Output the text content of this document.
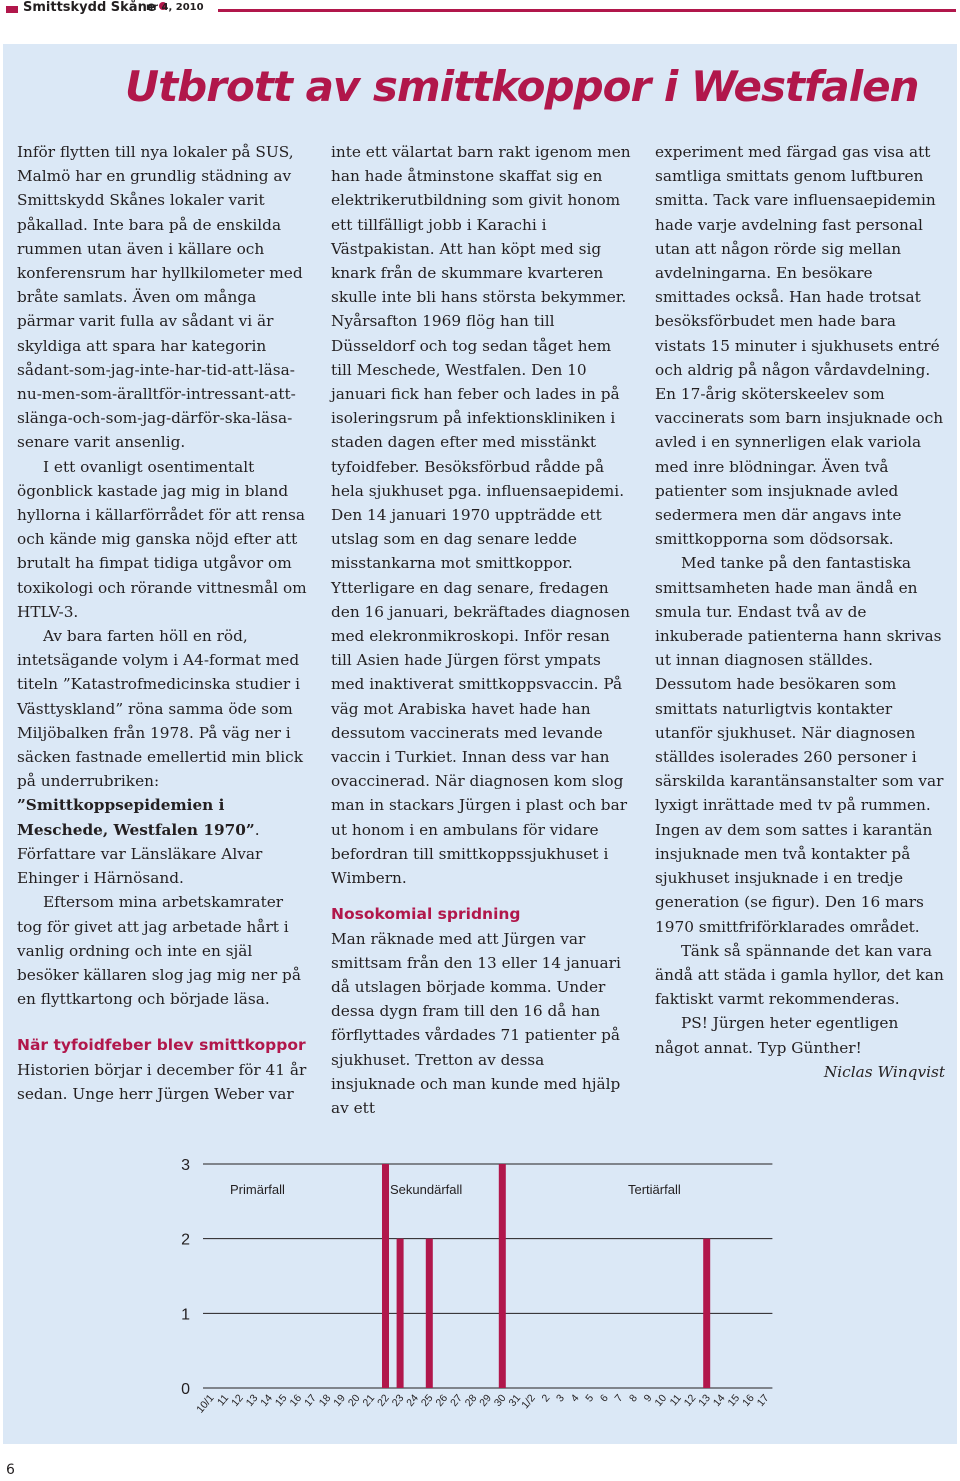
Smittskydd Skåne
nr 4, 2010
Utbrott av smittkoppor i Westfalen

Inför flytten till nya lokaler på SUS, Malmö har en grundlig städning av Smittskydd Skånes lokaler varit påkallad. Inte bara på de enskilda rummen utan även i källare och konferensrum har hyllkilometer med bråte samlats. Även om många pärmar varit fulla av sådant vi är skyldiga att spara har kategorin sådant-som-jag-inte-har-tid-att-läsa-nu-men-som-äralltför-intressant-att-slänga-och-som-jag-därför-ska-läsa-senare varit ansenlig.

I ett ovanligt osentimentalt ögonblick kastade jag mig in bland hyllorna i källarförrådet för att rensa och kände mig ganska nöjd efter att brutalt ha fimpat tidiga utgåvor om toxikologi och rörande vittnesmål om HTLV-3.

Av bara farten höll en röd, intetsägande volym i A4-format med titeln ”Katastrofmedicinska studier i Västtyskland” röna samma öde som Miljöbalken från 1978. På väg ner i säcken fastnade emellertid min blick på underrubriken: ”Smittkoppsepidemien i Meschede, Westfalen 1970”. Författare var Länsläkare Alvar Ehinger i Härnösand.

Eftersom mina arbetskamrater tog för givet att jag arbetade hårt i vanlig ordning och inte en själ besöker källaren slog jag mig ner på en flyttkartong och började läsa.

När tyfoidfeber blev smittkoppor

Historien börjar i december för 41 år sedan. Unge herr Jürgen Weber var

inte ett välartat barn rakt igenom men han hade åtminstone skaffat sig en elektrikerutbildning som givit honom ett tillfälligt jobb i Karachi i Västpakistan. Att han köpt med sig knark från de skummare kvarteren skulle inte bli hans största bekymmer. Nyårsafton 1969 flög han till Düsseldorf och tog sedan tåget hem till Meschede, Westfalen. Den 10 januari fick han feber och lades in på isoleringsrum på infektionskliniken i staden dagen efter med misstänkt tyfoidfeber. Besöksförbud rådde på hela sjukhuset pga. influensaepidemi. Den 14 januari 1970 uppträdde ett utslag som en dag senare ledde misstankarna mot smittkoppor. Ytterligare en dag senare, fredagen den 16 januari, bekräftades diagnosen med elekronmikroskopi. Inför resan till Asien hade Jürgen först ympats med inaktiverat smittkoppsvaccin. På väg mot Arabiska havet hade han dessutom vaccinerats med levande vaccin i Turkiet. Innan dess var han ovaccinerad. När diagnosen kom slog man in stackars Jürgen i plast och bar ut honom i en ambulans för vidare befordran till smittkoppssjukhuset i Wimbern.

Nosokomial spridning

Man räknade med att Jürgen var smittsam från den 13 eller 14 januari då utslagen började komma. Under dessa dygn fram till den 16 då han förflyttades vårdades 71 patienter på sjukhuset. Tretton av dessa insjuknade och man kunde med hjälp av ett

experiment med färgad gas visa att samtliga smittats genom luftburen smitta. Tack vare influensaepidemin hade varje avdelning fast personal utan att någon rörde sig mellan avdelningarna. En besökare smittades också. Han hade trotsat besöksförbudet men hade bara vistats 15 minuter i sjukhusets entré och aldrig på någon vårdavdelning. En 17-årig sköterskeelev som vaccinerats som barn insjuknade och avled i en synnerligen elak variola med inre blödningar. Även två patienter som insjuknade avled sedermera men där angavs inte smittkopporna som dödsorsak.

Med tanke på den fantastiska smittsamheten hade man ändå en smula tur. Endast två av de inkuberade patienterna hann skrivas ut innan diagnosen ställdes. Dessutom hade besökaren som smittats naturligtvis kontakter utanför sjukhuset. När diagnosen ställdes isolerades 260 personer i särskilda karantänsanstalter som var lyxigt inrättade med tv på rummen. Ingen av dem som sattes i karantän insjuknade men två kontakter på sjukhuset insjuknade i en tredje generation (se figur). Den 16 mars 1970 smittfriförklarades området.

Tänk så spännande det kan vara ändå att städa i gamla hyllor, det kan faktiskt varmt rekommenderas.

PS! Jürgen heter egentligen något annat. Typ Günther!

Niclas Winqvist

0
1
2
3
10/1
11
12
13
14
15
16
17
18
19
20
21
22
23
24
25
26
27
28
29
30
31
1/2 2 3 4 5 6 7 8 9
10
11
12
13
14
15
16
17
Primärfall	Sekundärfall	Tertiärfall
6
